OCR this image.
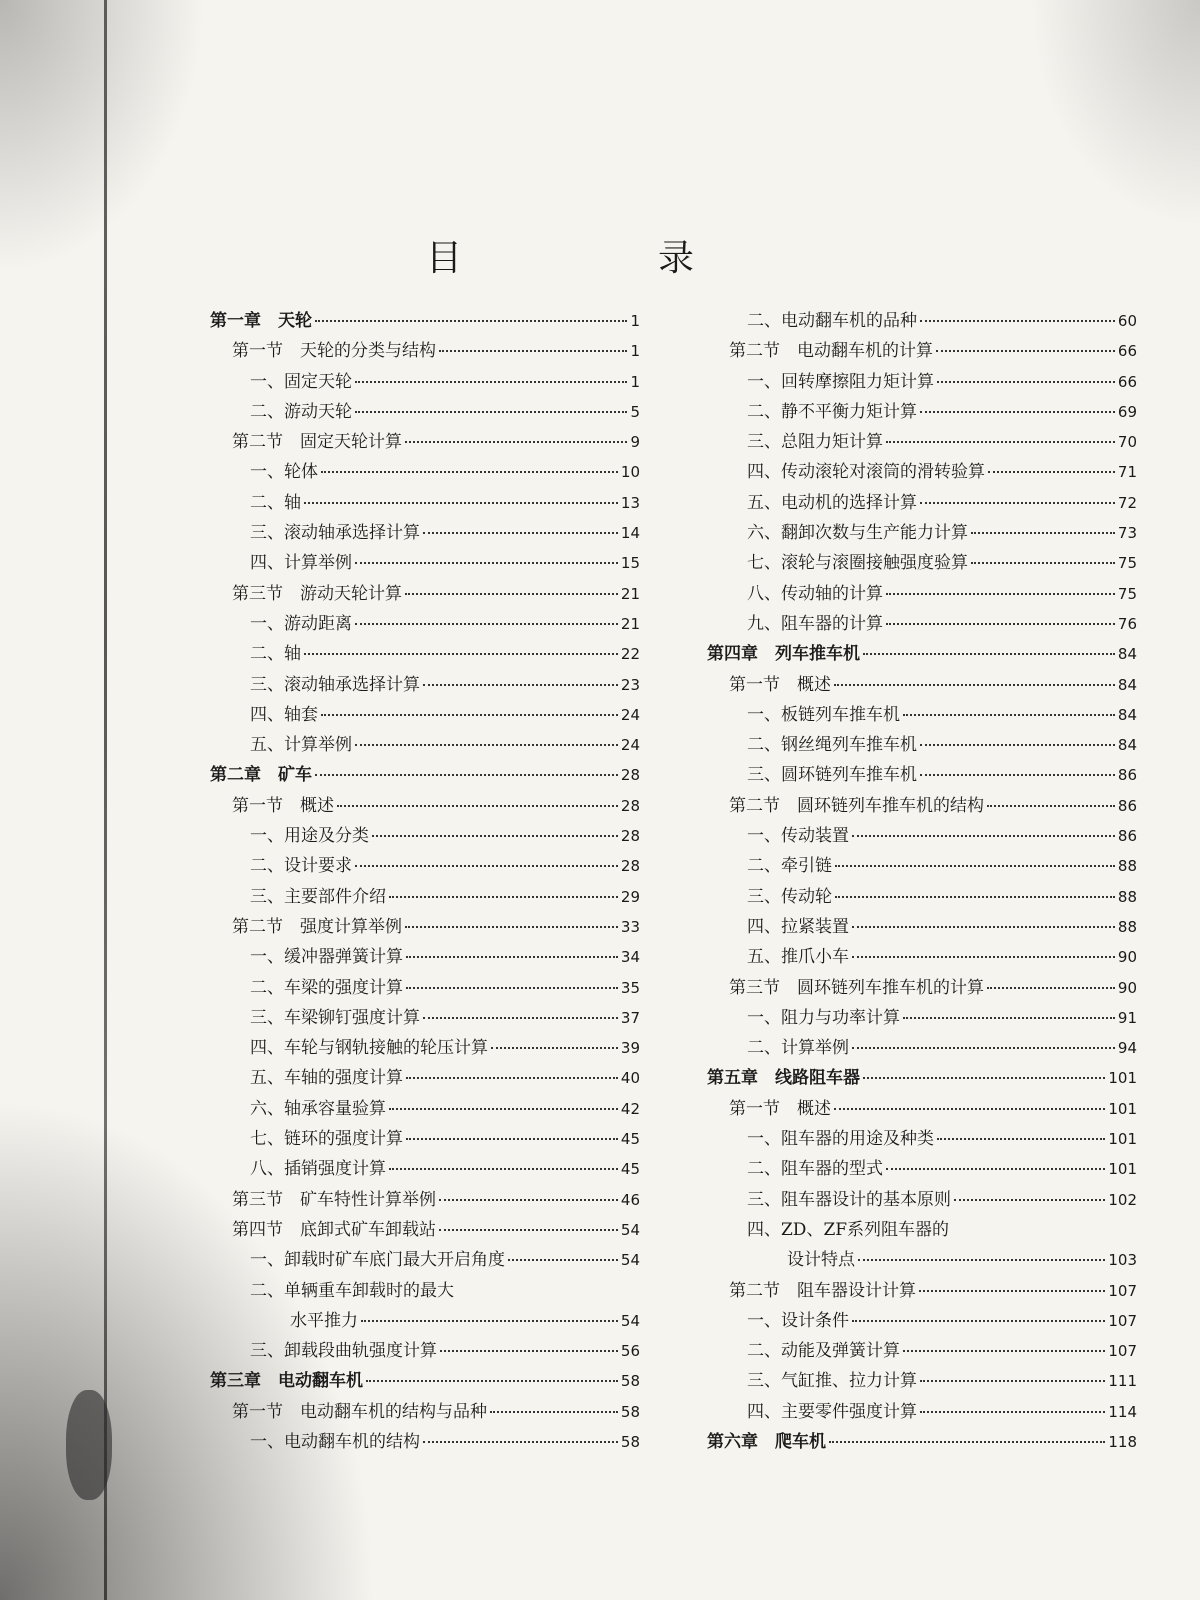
目　录
第一章　天轮	1
第一节　天轮的分类与结构	1
一、固定天轮	1
二、游动天轮	5
第二节　固定天轮计算	9
一、轮体	10
二、轴	13
三、滚动轴承选择计算	14
四、计算举例	15
第三节　游动天轮计算	21
一、游动距离	21
二、轴	22
三、滚动轴承选择计算	23
四、轴套	24
五、计算举例	24
第二章　矿车	28
第一节　概述	28
一、用途及分类	28
二、设计要求	28
三、主要部件介绍	29
第二节　强度计算举例	33
一、缓冲器弹簧计算	34
二、车梁的强度计算	35
三、车梁铆钉强度计算	37
四、车轮与钢轨接触的轮压计算	39
五、车轴的强度计算	40
六、轴承容量验算	42
七、链环的强度计算	45
八、插销强度计算	45
第三节　矿车特性计算举例	46
第四节　底卸式矿车卸载站	54
一、卸载时矿车底门最大开启角度	54
二、单辆重车卸载时的最大
水平推力	54
三、卸载段曲轨强度计算	56
第三章　电动翻车机	58
第一节　电动翻车机的结构与品种	58
一、电动翻车机的结构	58
二、电动翻车机的品种	60
第二节　电动翻车机的计算	66
一、回转摩擦阻力矩计算	66
二、静不平衡力矩计算	69
三、总阻力矩计算	70
四、传动滚轮对滚筒的滑转验算	71
五、电动机的选择计算	72
六、翻卸次数与生产能力计算	73
七、滚轮与滚圈接触强度验算	75
八、传动轴的计算	75
九、阻车器的计算	76
第四章　列车推车机	84
第一节　概述	84
一、板链列车推车机	84
二、钢丝绳列车推车机	84
三、圆环链列车推车机	86
第二节　圆环链列车推车机的结构	86
一、传动装置	86
二、牵引链	88
三、传动轮	88
四、拉紧装置	88
五、推爪小车	90
第三节　圆环链列车推车机的计算	90
一、阻力与功率计算	91
二、计算举例	94
第五章　线路阻车器	101
第一节　概述	101
一、阻车器的用途及种类	101
二、阻车器的型式	101
三、阻车器设计的基本原则	102
四、ZD、ZF系列阻车器的
设计特点	103
第二节　阻车器设计计算	107
一、设计条件	107
二、动能及弹簧计算	107
三、气缸推、拉力计算	111
四、主要零件强度计算	114
第六章　爬车机	118
